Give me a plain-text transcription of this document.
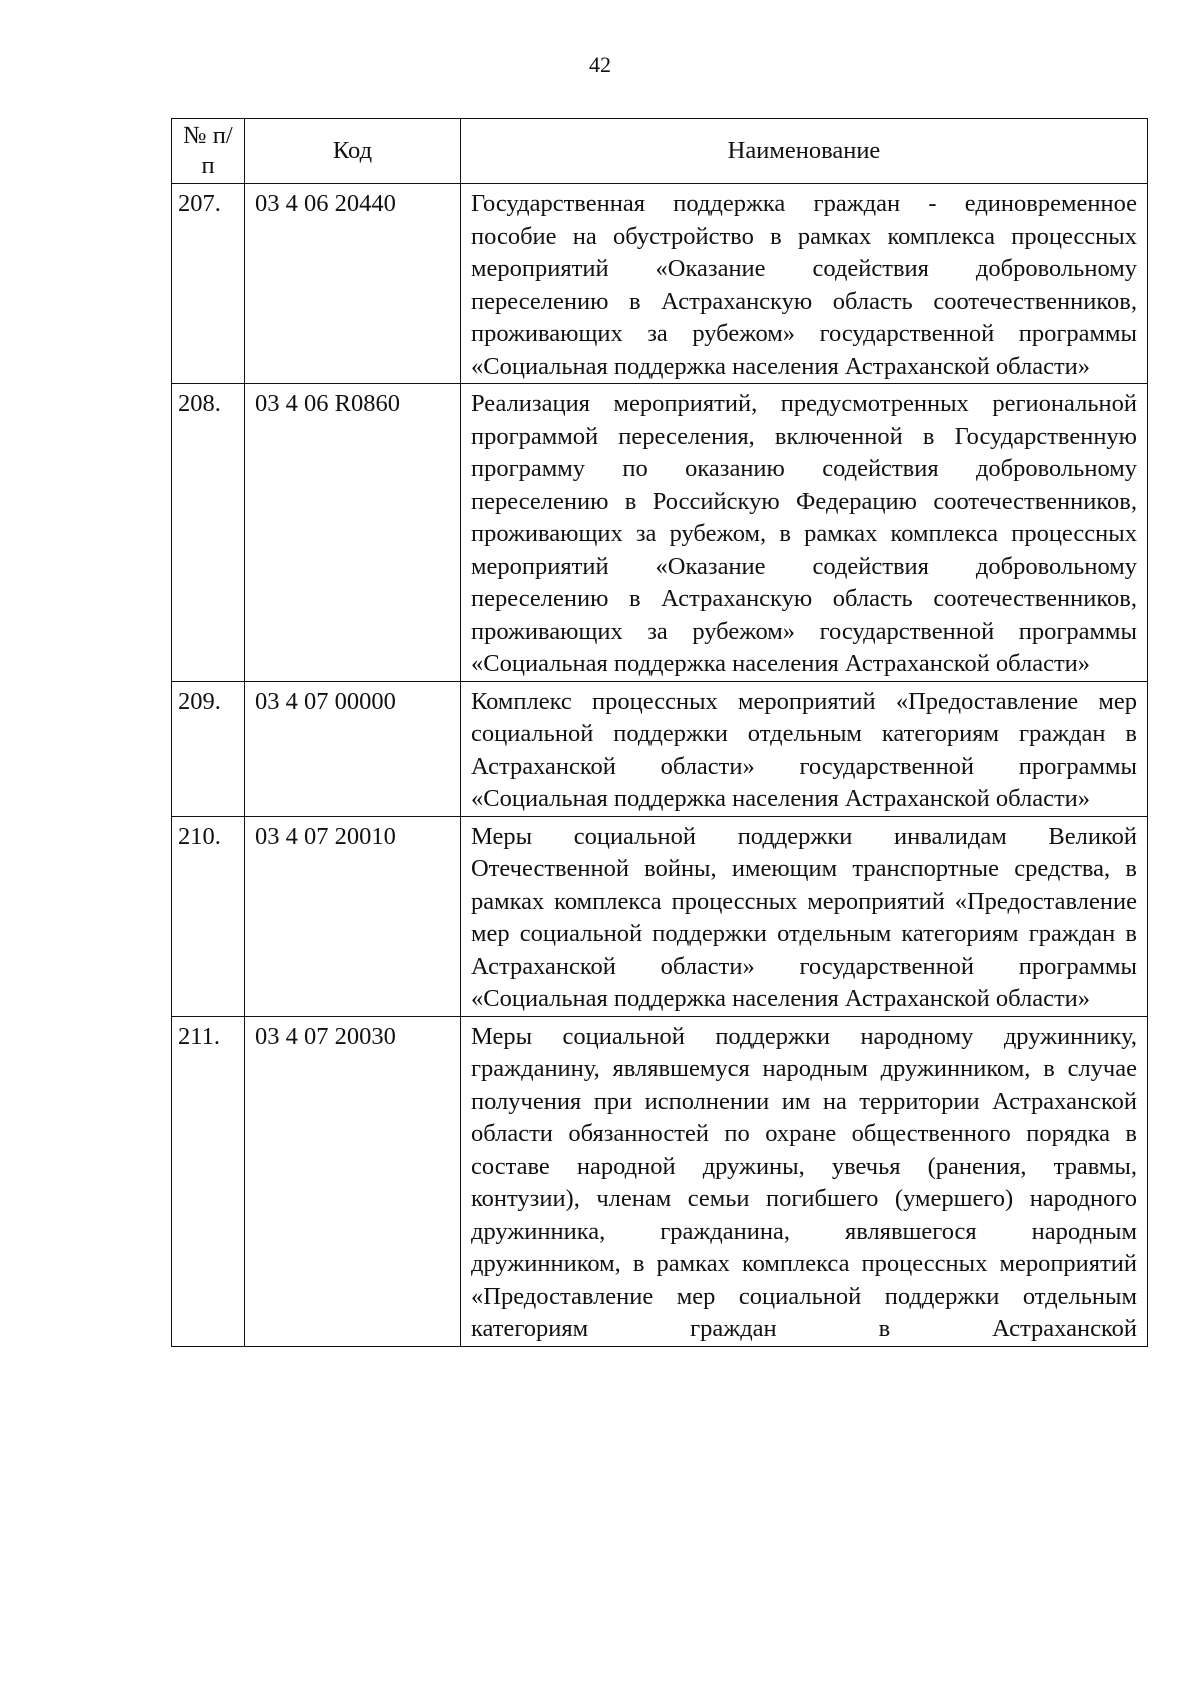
42
№ п/п	Код	Наименование
207.	03 4 06 20440	Государственная поддержка граждан - единовременное пособие на обустройство в рамках комплекса процессных мероприятий «Оказание содействия добровольному переселению в Астраханскую область соотечественников, проживающих за рубежом» государственной программы «Социальная поддержка населения Астраханской области»
208.	03 4 06 R0860	Реализация мероприятий, предусмотренных региональной программой переселения, включенной в Государственную программу по оказанию содействия добровольному переселению в Российскую Федерацию соотечественников, проживающих за рубежом, в рамках комплекса процессных мероприятий «Оказание содействия добровольному переселению в Астраханскую область соотечественников, проживающих за рубежом» государственной программы «Социальная поддержка населения Астраханской области»
209.	03 4 07 00000	Комплекс процессных мероприятий «Предоставление мер социальной поддержки отдельным категориям граждан в Астраханской области» государственной программы «Социальная поддержка населения Астраханской области»
210.	03 4 07 20010	Меры социальной поддержки инвалидам Великой Отечественной войны, имеющим транспортные средства, в рамках комплекса процессных мероприятий «Предоставление мер социальной поддержки отдельным категориям граждан в Астраханской области» государственной программы «Социальная поддержка населения Астраханской области»
211.	03 4 07 20030	Меры социальной поддержки народному дружиннику, гражданину, являвшемуся народным дружинником, в случае получения при исполнении им на территории Астраханской области обязанностей по охране общественного порядка в составе народной дружины, увечья (ранения, травмы, контузии), членам семьи погибшего (умершего) народного дружинника, гражданина, являвшегося народным дружинником, в рамках комплекса процессных мероприятий «Предоставление мер социальной поддержки отдельным категориям граждан в Астраханской
